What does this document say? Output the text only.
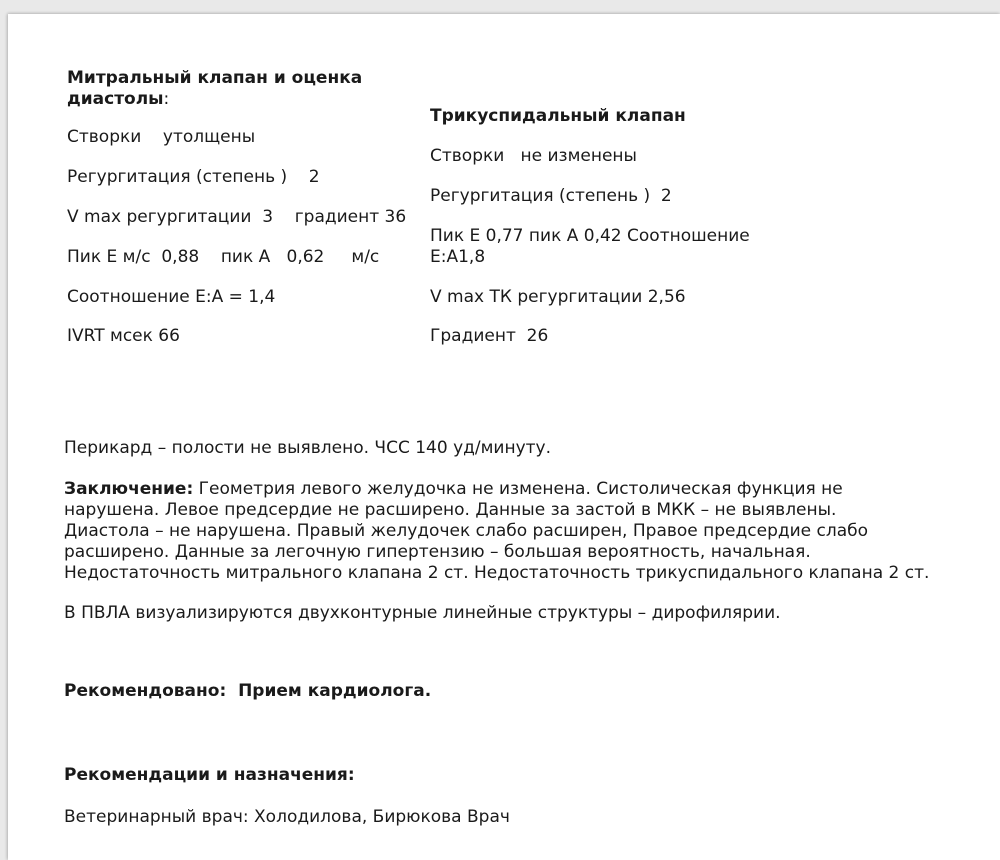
Митральный клапан и оценка

диастолы:

Створки    утолщены

Регургитация (степень )    2

V max регургитации  3    градиент 36

Пик Е м/с  0,88    пик А   0,62     м/с

Соотношение Е:А = 1,4

IVRT мсек 66

Трикуспидальный клапан

Створки   не изменены

Регургитация (степень )  2

Пик Е 0,77 пик А 0,42 Соотношение

Е:А1,8

V max ТК регургитации 2,56

Градиент  26

Перикард – полости не выявлено. ЧСС 140 уд/минуту.

Заключение: Геометрия левого желудочка не изменена. Систолическая функция не

нарушена. Левое предсердие не расширено. Данные за застой в МКК – не выявлены.

Диастола – не нарушена. Правый желудочек слабо расширен, Правое предсердие слабо

расширено. Данные за легочную гипертензию – большая вероятность, начальная.

Недостаточность митрального клапана 2 ст. Недостаточность трикуспидального клапана 2 ст.

В ПВЛА визуализируются двухконтурные линейные структуры – дирофилярии.

Рекомендовано:  Прием кардиолога.

Рекомендации и назначения:

Ветеринарный врач: Холодилова, Бирюкова Врач
